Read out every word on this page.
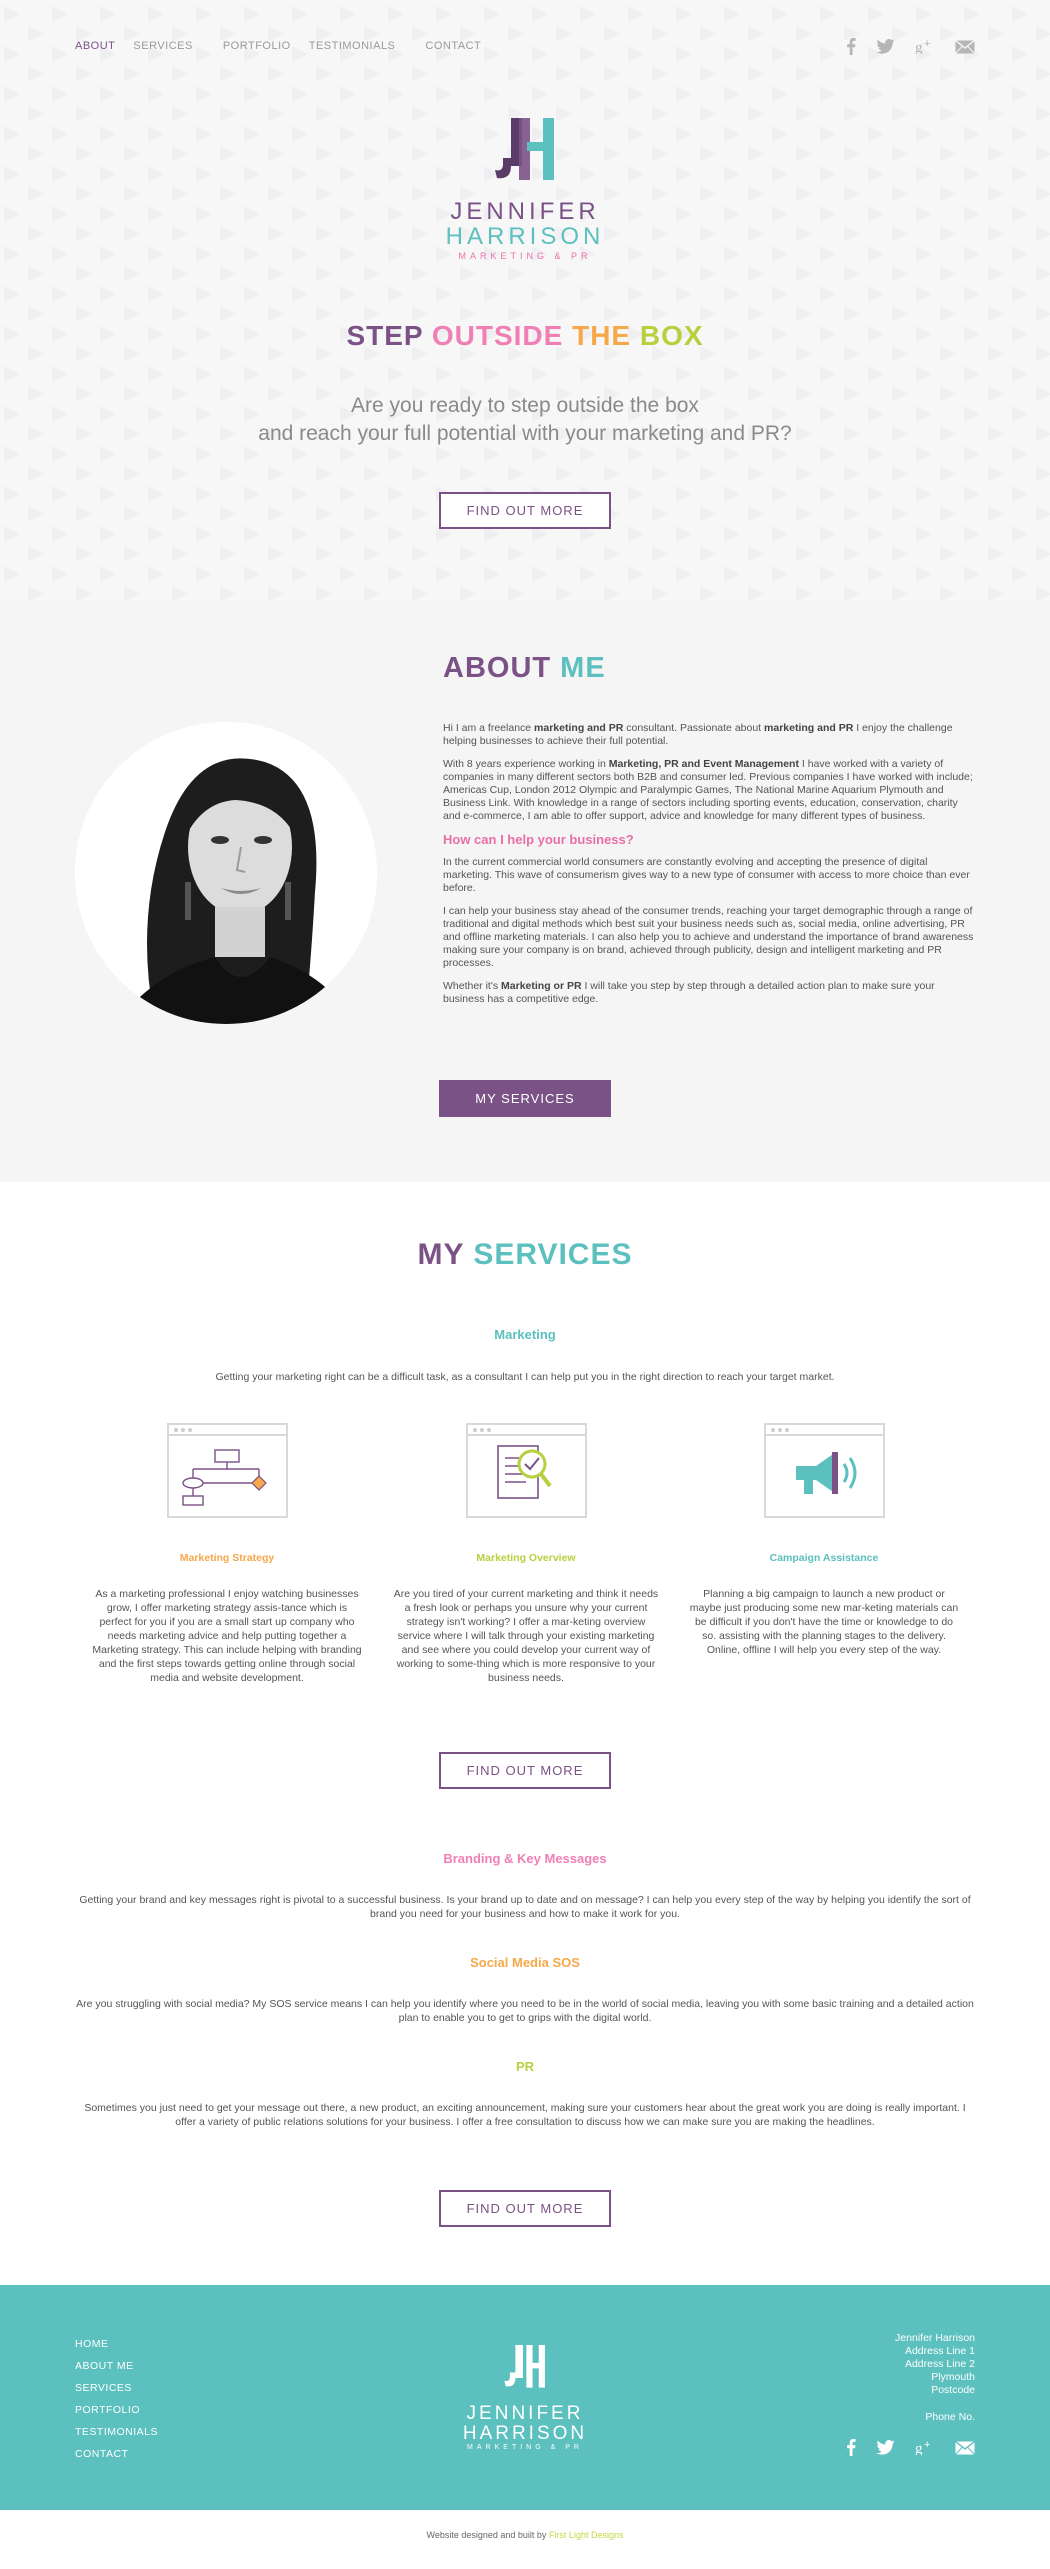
ABOUT SERVICES	PORTFOLIO TESTIMONIALS	CONTACT	g +
JENNIFER
HARRISON
MARKETING & PR
STEP OUTSIDE THE BOX
Are you ready to step outside the box
and reach your full potential with your marketing and PR?
FIND OUT MORE
ABOUT ME

Hi I am a freelance marketing and PR consultant. Passionate about marketing and PR I enjoy the challenge helping businesses to achieve their full potential.

With 8 years experience working in Marketing, PR and Event Management I have worked with a variety of companies in many different sectors both B2B and consumer led. Previous companies I have worked with include; Americas Cup, London 2012 Olympic and Paralympic Games, The National Marine Aquarium Plymouth and Business Link. With knowledge in a range of sectors including sporting events, education, conservation, charity and e-commerce, I am able to offer support, advice and knowledge for many different types of business.

How can I help your business?

In the current commercial world consumers are constantly evolving and accepting the presence of digital marketing. This wave of consumerism gives way to a new type of consumer with access to more choice than ever before.

I can help your business stay ahead of the consumer trends, reaching your target demographic through a range of traditional and digital methods which best suit your business needs such as, social media, online advertising, PR and offline marketing materials. I can also help you to achieve and understand the importance of brand awareness making sure your company is on brand, achieved through publicity, design and intelligent marketing and PR processes.

Whether it's Marketing or PR I will take you step by step through a detailed action plan to make sure your business has a competitive edge.

MY SERVICES
MY SERVICES
Marketing
Getting your marketing right can be a difficult task, as a consultant I can help put you in the right direction to reach your target market.
Marketing Strategy	Marketing Overview	Campaign Assistance
As a marketing professional I enjoy watching businesses grow, I offer marketing strategy assis-tance which is perfect for you if you are a small start up company who needs marketing advice and help putting together a Marketing strategy. This can include helping with branding and the first steps towards getting online through social media and website development.
Are you tired of your current marketing and think it needs a fresh look or perhaps you unsure why your current strategy isn't working? I offer a mar-keting overview service where I will talk through your existing marketing and see where you could develop your current way of working to some-thing which is more responsive to your business needs.
Planning a big campaign to launch a new product or maybe just producing some new mar-keting materials can be difficult if you don't have the time or knowledge to do so. assisting with the planning stages to the delivery. Online, offline I will help you every step of the way.
FIND OUT MORE
Branding & Key Messages
Getting your brand and key messages right is pivotal to a successful business. Is your brand up to date and on message? I can help you every step of the way by helping you identify the sort of brand you need for your business and how to make it work for you.
Social Media SOS
Are you struggling with social media? My SOS service means I can help you identify where you need to be in the world of social media, leaving you with some basic training and a detailed action plan to enable you to get to grips with the digital world.
PR
Sometimes you just need to get your message out there, a new product, an exciting announcement, making sure your customers hear about the great work you are doing is really important. I offer a variety of public relations solutions for your business. I offer a free consultation to discuss how we can make sure you are making the headlines.
FIND OUT MORE
HOME
ABOUT ME
SERVICES
PORTFOLIO
TESTIMONIALS
CONTACT
JENNIFER
HARRISON
MARKETING & PR
Jennifer Harrison
Address Line 1
Address Line 2
Plymouth
Postcode
Phone No.
g +
Website designed and built by First Light Designs
